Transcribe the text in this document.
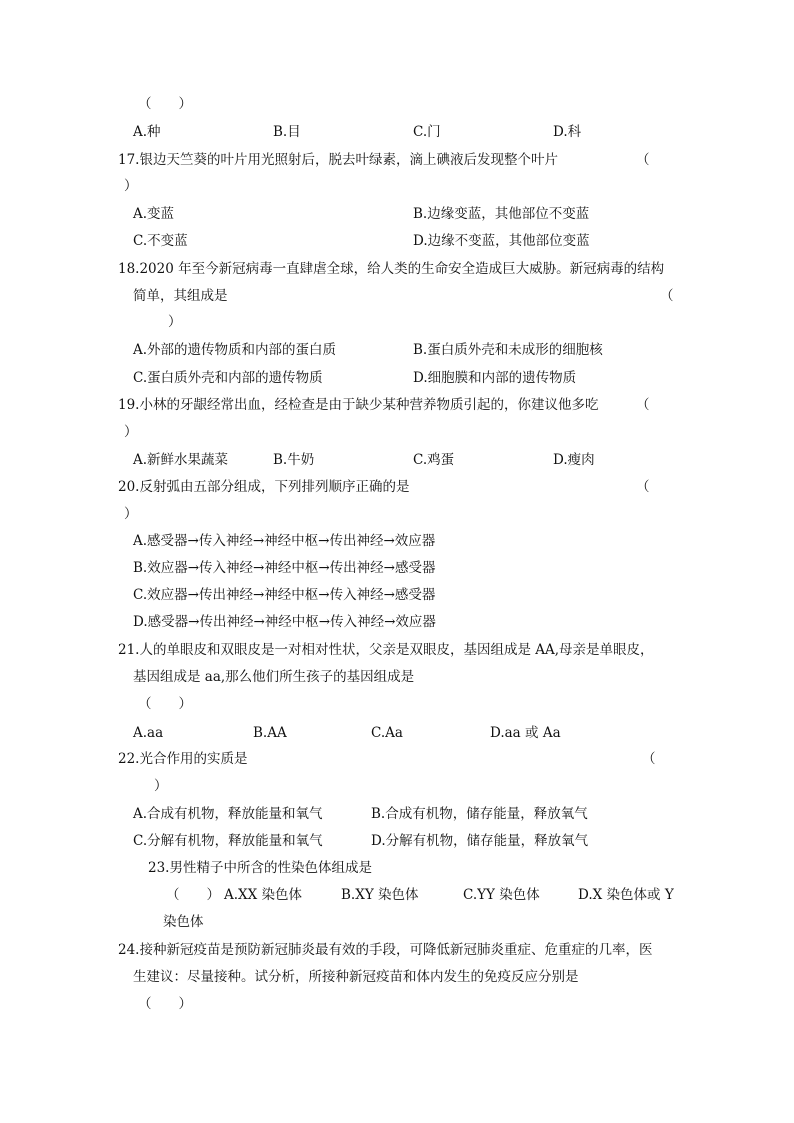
（　　）
A.种	B.目	C.门	D.科
17.银边天竺葵的叶片用光照射后，脱去叶绿素，滴上碘液后发现整个叶片	（
）
A.变蓝	B.边缘变蓝，其他部位不变蓝
C.不变蓝	D.边缘不变蓝，其他部位变蓝
18.2020 年至今新冠病毒一直肆虐全球，给人类的生命安全造成巨大威胁。新冠病毒的结构
简单，其组成是	（
）
A.外部的遗传物质和内部的蛋白质	B.蛋白质外壳和未成形的细胞核
C.蛋白质外壳和内部的遗传物质	D.细胞膜和内部的遗传物质
19.小林的牙龈经常出血，经检查是由于缺少某种营养物质引起的，你建议他多吃	（
）
A.新鲜水果蔬菜	B.牛奶	C.鸡蛋	D.瘦肉
20.反射弧由五部分组成，下列排列顺序正确的是	（
）
A.感受器→传入神经→神经中枢→传出神经→效应器
B.效应器→传入神经→神经中枢→传出神经→感受器
C.效应器→传出神经→神经中枢→传入神经→感受器
D.感受器→传出神经→神经中枢→传入神经→效应器
21.人的单眼皮和双眼皮是一对相对性状，父亲是双眼皮，基因组成是 AA,母亲是单眼皮，
基因组成是 aa,那么他们所生孩子的基因组成是
（　　）
A.aa	B.AA	C.Aa	D.aa 或 Aa
22.光合作用的实质是	（
）
A.合成有机物，释放能量和氧气	B.合成有机物，储存能量，释放氧气
C.分解有机物，释放能量和氧气	D.分解有机物，储存能量，释放氧气
23.男性精子中所含的性染色体组成是
（　　） A.XX 染色体	B.XY 染色体	C.YY 染色体	D.X 染色体或 Y
染色体
24.接种新冠疫苗是预防新冠肺炎最有效的手段，可降低新冠肺炎重症、危重症的几率，医
生建议：尽量接种。试分析，所接种新冠疫苗和体内发生的免疫反应分别是
（　　）
